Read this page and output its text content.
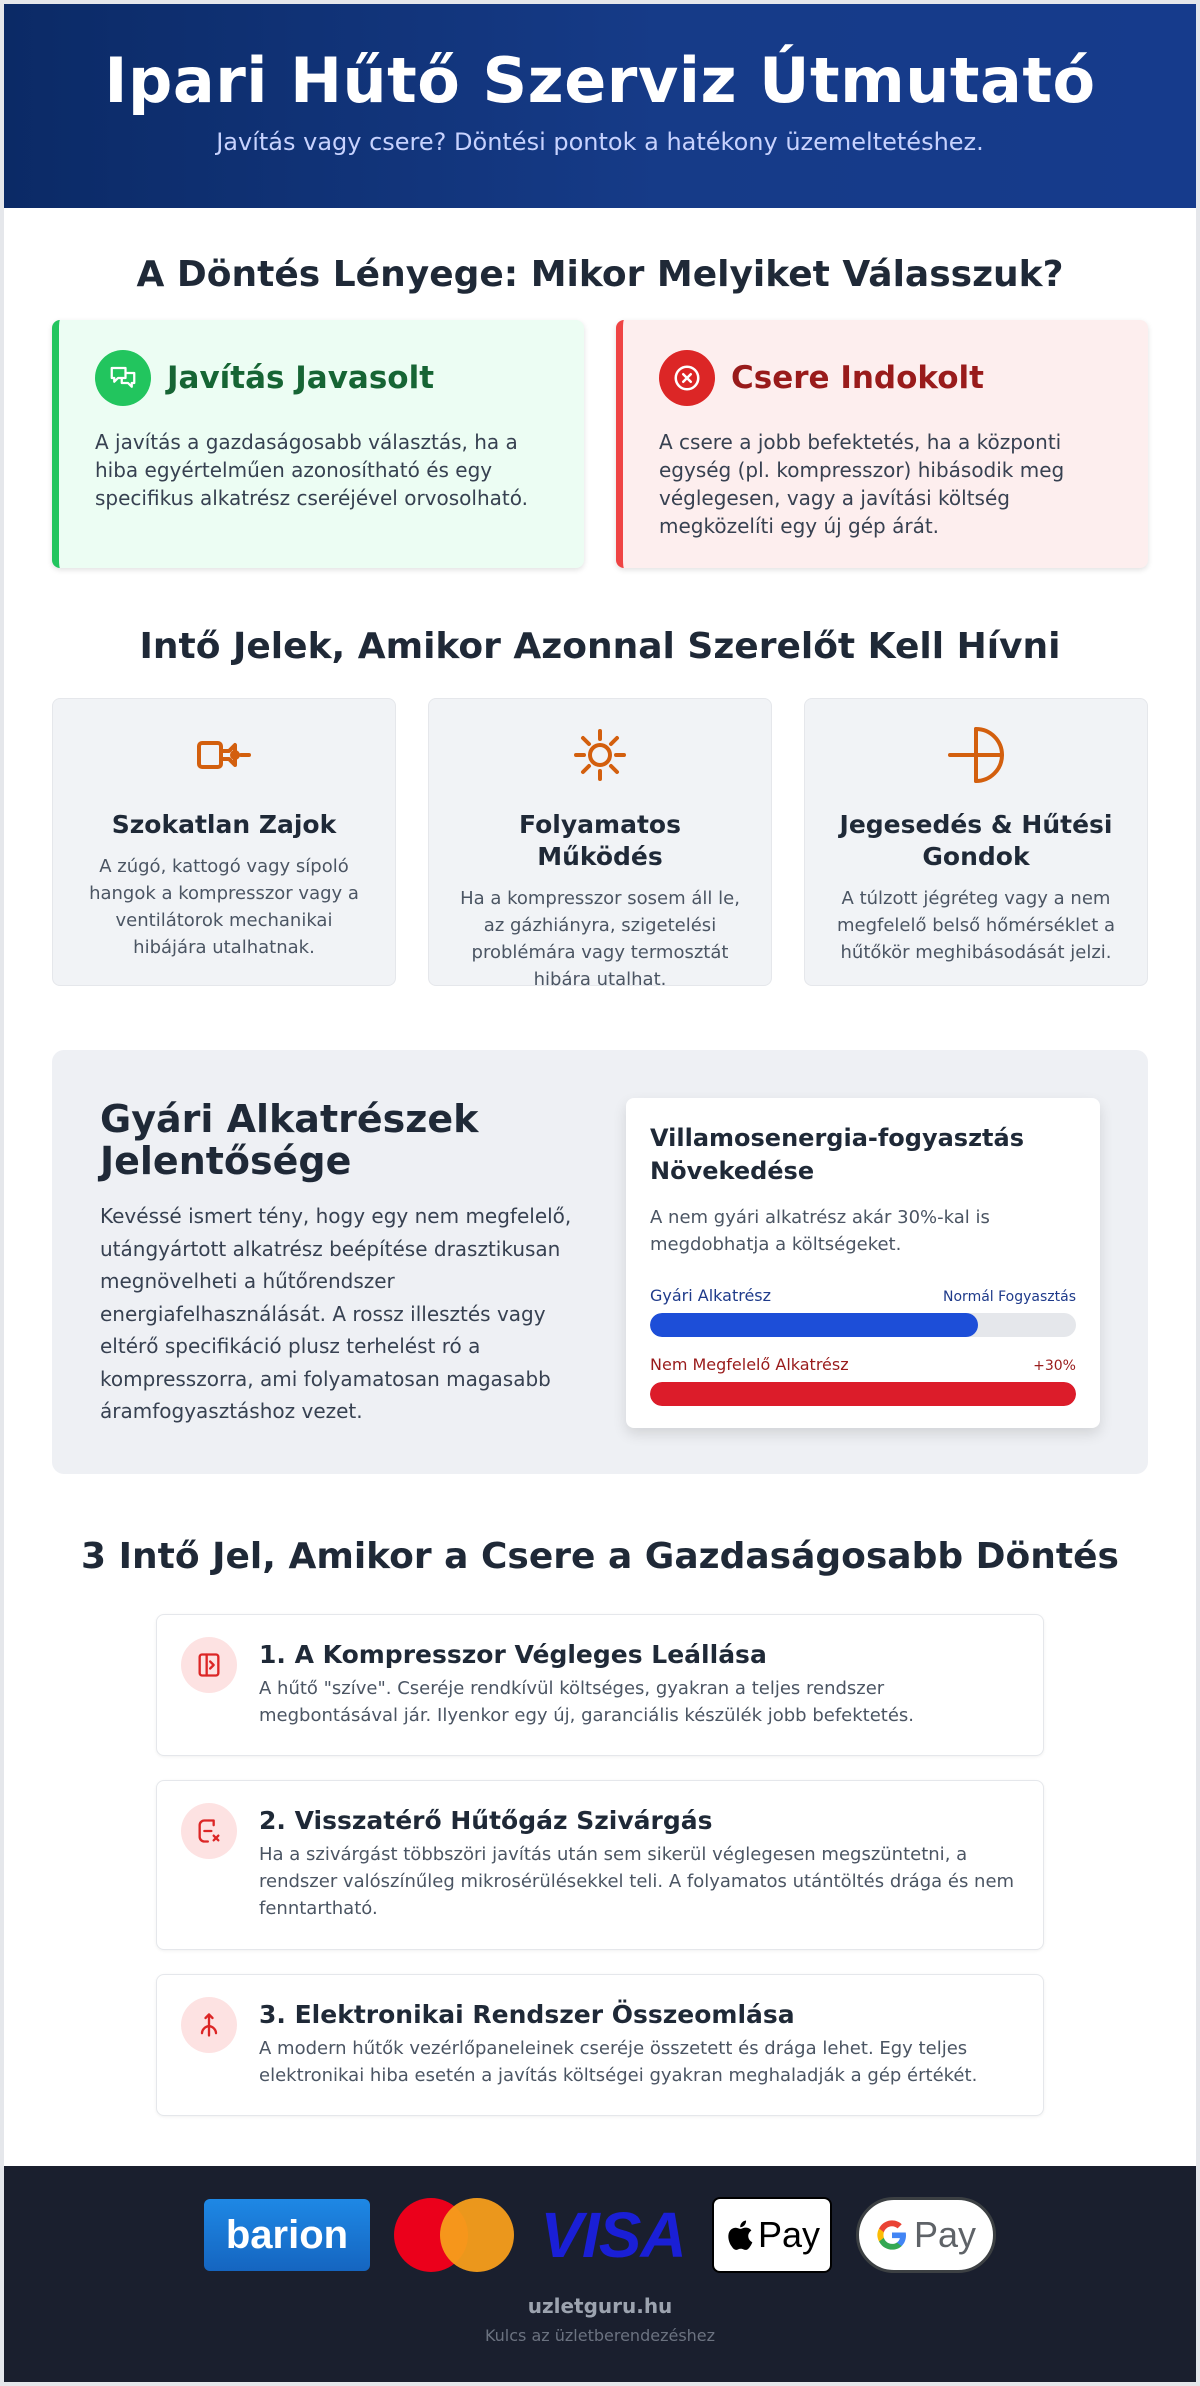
Ipari Hűtő Szerviz Útmutató

Javítás vagy csere? Döntési pontok a hatékony üzemeltetéshez.

A Döntés Lényege: Mikor Melyiket Válasszuk?
Javítás Javasolt
A javítás a gazdaságosabb választás, ha a hiba egyértelműen azonosítható és egy specifikus alkatrész cseréjével orvosolható.
Csere Indokolt
A csere a jobb befektetés, ha a központi egység (pl. kompresszor) hibásodik meg véglegesen, vagy a javítási költség megközelíti egy új gép árát.
Intő Jelek, Amikor Azonnal Szerelőt Kell Hívni
Szokatlan Zajok
A zúgó, kattogó vagy sípoló hangok a kompresszor vagy a ventilátorok mechanikai hibájára utalhatnak.
Folyamatos Működés
Ha a kompresszor sosem áll le, az gázhiányra, szigetelési problémára vagy termosztát hibára utalhat.
Jegesedés & Hűtési Gondok
A túlzott jégréteg vagy a nem megfelelő belső hőmérséklet a hűtőkör meghibásodását jelzi.
Gyári Alkatrészek Jelentősége

Kevéssé ismert tény, hogy egy nem megfelelő, utángyártott alkatrész beépítése drasztikusan megnövelheti a hűtőrendszer energiafelhasználását. A rossz illesztés vagy eltérő specifikáció plusz terhelést ró a kompresszorra, ami folyamatosan magasabb áramfogyasztáshoz vezet.

Villamosenergia-fogyasztás Növekedése
A nem gyári alkatrész akár 30%-kal is megdobhatja a költségeket.
Gyári Alkatrész	Normál Fogyasztás
Nem Megfelelő Alkatrész	+30%
3 Intő Jel, Amikor a Csere a Gazdaságosabb Döntés
1. A Kompresszor Végleges Leállása
A hűtő "szíve". Cseréje rendkívül költséges, gyakran a teljes rendszer megbontásával jár. Ilyenkor egy új, garanciális készülék jobb befektetés.
2. Visszatérő Hűtőgáz Szivárgás
Ha a szivárgást többszöri javítás után sem sikerül véglegesen megszüntetni, a rendszer valószínűleg mikrosérülésekkel teli. A folyamatos utántöltés drága és nem fenntartható.
3. Elektronikai Rendszer Összeomlása
A modern hűtők vezérlőpaneleinek cseréje összetett és drága lehet. Egy teljes elektronikai hiba esetén a javítás költségei gyakran meghaladják a gép értékét.
barion	VISA Pay	Pay
uzletguru.hu
Kulcs az üzletberendezéshez
